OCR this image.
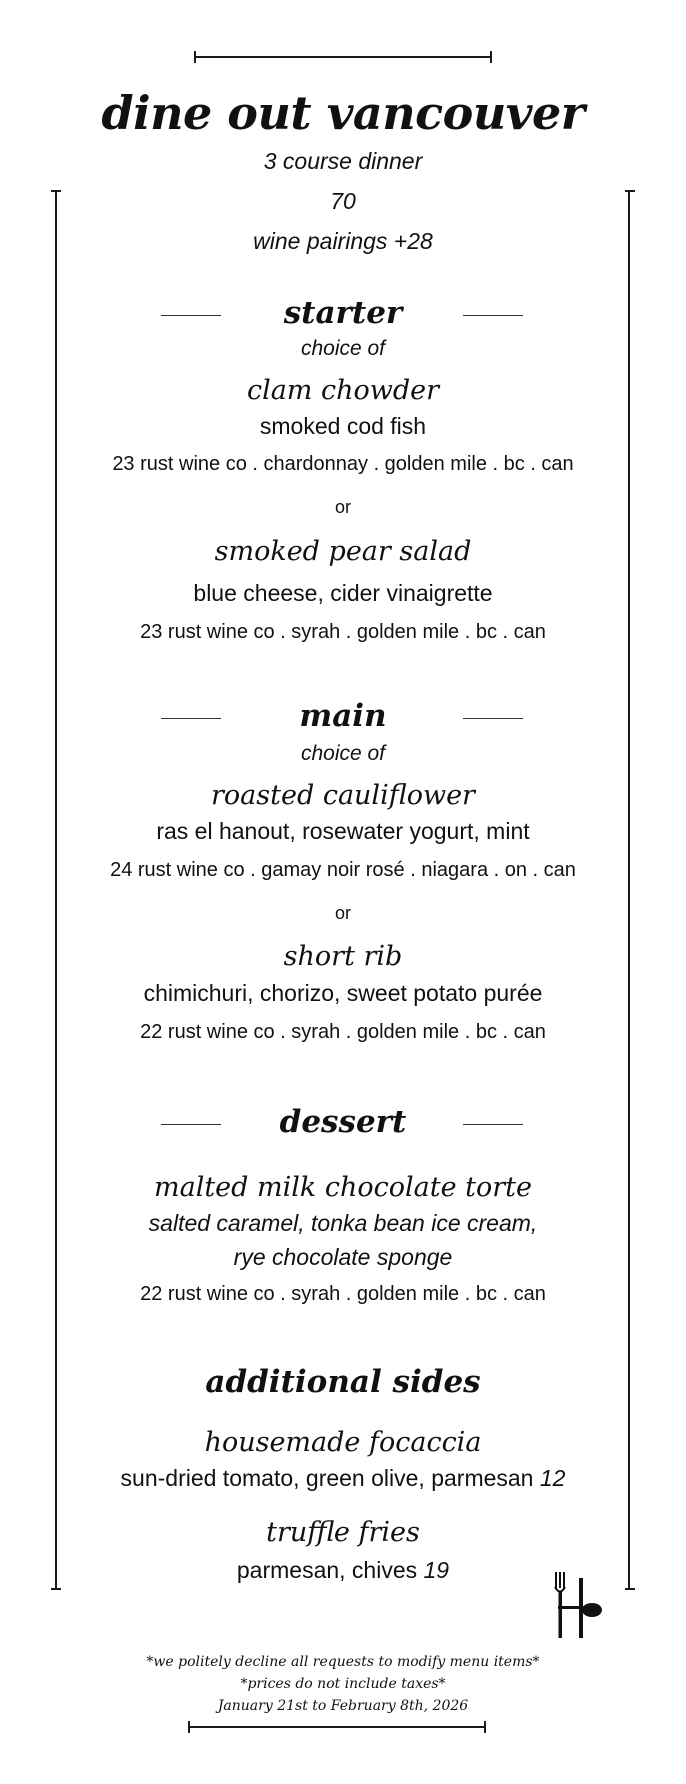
dine out vancouver
3 course dinner
70
wine pairings +28
starter
choice of
clam chowder
smoked cod fish
23 rust wine co . chardonnay . golden mile . bc . can
or
smoked pear salad
blue cheese, cider vinaigrette
23 rust wine co . syrah . golden mile . bc . can
main
choice of
roasted cauliflower
ras el hanout, rosewater yogurt, mint
24 rust wine co . gamay noir rosé . niagara . on . can
or
short rib
chimichuri, chorizo, sweet potato purée
22 rust wine co . syrah . golden mile . bc . can
dessert
malted milk chocolate torte
salted caramel, tonka bean ice cream,
rye chocolate sponge
22 rust wine co . syrah . golden mile . bc . can
additional sides
housemade focaccia
sun-dried tomato, green olive, parmesan 12
truffle fries
parmesan, chives 19
*we politely decline all requests to modify menu items*
*prices do not include taxes*
January 21st to February 8th, 2026
